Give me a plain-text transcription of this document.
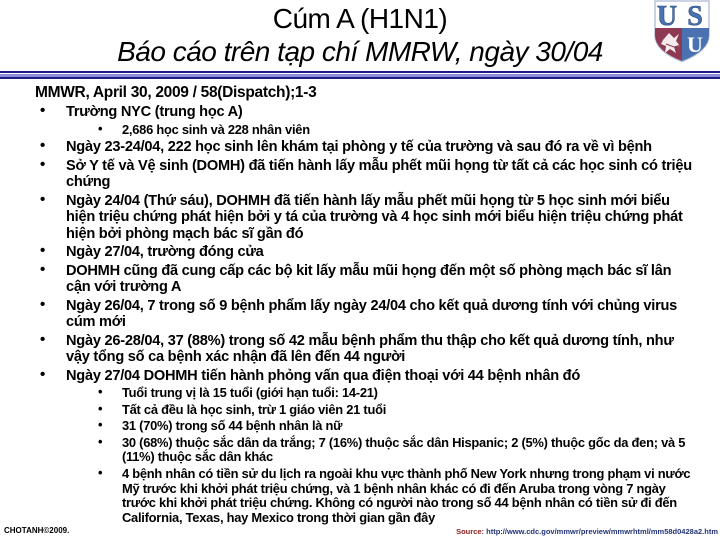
Cúm A (H1N1)
Báo cáo trên tạp chí MMRW, ngày 30/04
U S
U

MMWR, April 30, 2009 / 58(Dispatch);1-3

• Trường NYC (trung học A)
• 2,686 học sinh và 228 nhân viên
• Ngày 23-24/04, 222 học sinh lên khám tại phòng y tế của trường và sau đó ra về vì bệnh
• Sở Y tế và Vệ sinh (DOMH) đã tiến hành lấy mẫu phết mũi họng từ tất cả các học sinh có triệu chứng
• Ngày 24/04 (Thứ sáu), DOHMH đã tiến hành lấy mẫu phết mũi họng từ 5 học sinh mới biểu hiện triệu chứng phát hiện bởi y tá của trường và 4 học sinh mới biểu hiện triệu chứng phát hiện bởi phòng mạch bác sĩ gần đó
• Ngày 27/04, trường đóng cửa
• DOHMH cũng đã cung cấp các bộ kit lấy mẫu mũi họng đến một số phòng mạch bác sĩ lân cận với trường A
• Ngày 26/04, 7 trong số 9 bệnh phẩm lấy ngày 24/04 cho kết quả dương tính với chủng virus cúm mới
• Ngày 26-28/04, 37 (88%) trong số 42 mẫu bệnh phẩm thu thập cho kết quả dương tính, như vậy tổng số ca bệnh xác nhận đã lên đến 44 người
• Ngày 27/04 DOHMH tiến hành phỏng vấn qua điện thoại với 44 bệnh nhân đó
• Tuổi trung vị là 15 tuổi (giới hạn tuổi: 14-21)
• Tất cả đều là học sinh, trừ 1 giáo viên 21 tuổi
• 31 (70%) trong số 44 bệnh nhân là nữ
• 30 (68%) thuộc sắc dân da trắng; 7 (16%) thuộc sắc dân Hispanic; 2 (5%) thuộc gốc da đen; và 5 (11%) thuộc sắc dân khác
• 4 bệnh nhân có tiền sử du lịch ra ngoài khu vực thành phố New York nhưng trong phạm vi nước Mỹ trước khi khởi phát triệu chứng, và 1 bệnh nhân khác có đi đến Aruba trong vòng 7 ngày trước khi khởi phát triệu chứng. Không có người nào trong số 44 bệnh nhân có tiền sử đi đến California, Texas, hay Mexico trong thời gian gần đây
CHOTANH©2009.	Source: http://www.cdc.gov/mmwr/preview/mmwrhtml/mm58d0428a2.htm
